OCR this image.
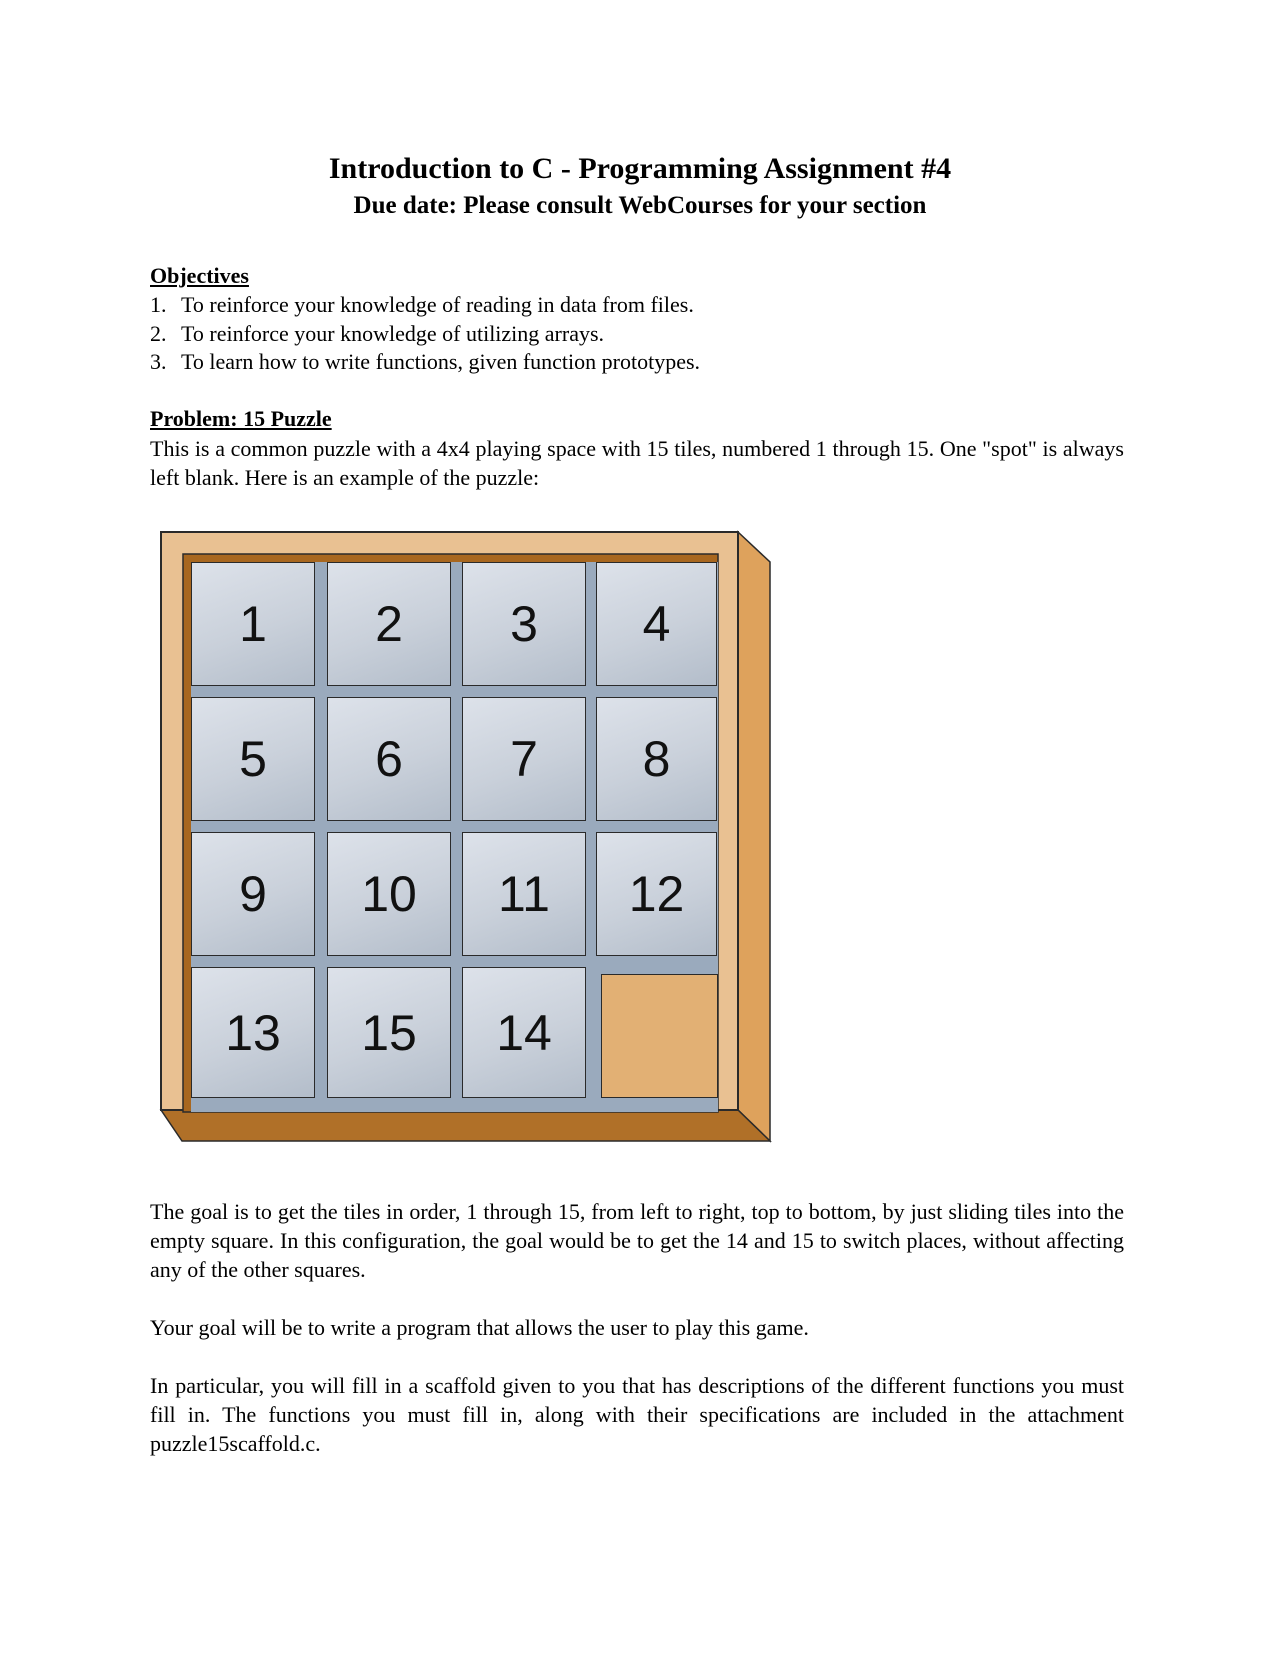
Introduction to C - Programming Assignment #4
Due date: Please consult WebCourses for your section
Objectives
1. To reinforce your knowledge of reading in data from files.
2. To reinforce your knowledge of utilizing arrays.
3. To learn how to write functions, given function prototypes.
Problem: 15 Puzzle
This is a common puzzle with a 4x4 playing space with 15 tiles, numbered 1 through 15. One "spot" is always left blank. Here is an example of the puzzle:
1	2	3	4
5	6	7	8
9	10	11	12
13	15	14
The goal is to get the tiles in order, 1 through 15, from left to right, top to bottom, by just sliding tiles into the empty square. In this configuration, the goal would be to get the 14 and 15 to switch places, without affecting any of the other squares.
Your goal will be to write a program that allows the user to play this game.
In particular, you will fill in a scaffold given to you that has descriptions of the different functions you must fill in. The functions you must fill in, along with their specifications are included in the attachment puzzle15scaffold.c.
